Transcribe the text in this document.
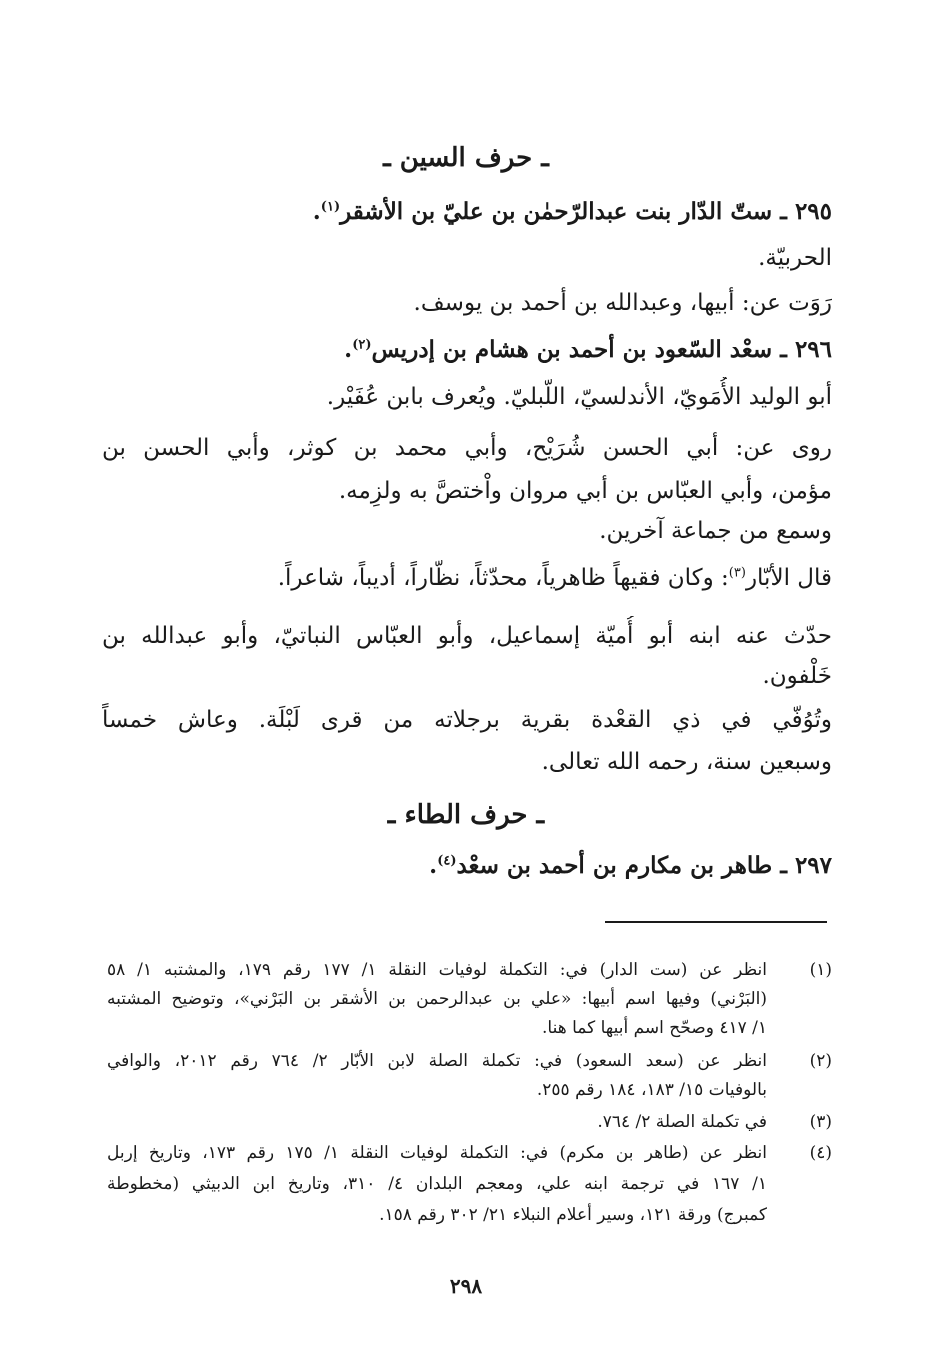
ـ حرف السين ـ
٢٩٥ ـ ستّ الدّار بنت عبدالرّحمٰن بن عليّ بن الأشقر$^{(١)}$.
الحربيّة.
رَوَت عن: أبيها، وعبدالله بن أحمد بن يوسف.
٢٩٦ ـ سعْد السّعود بن أحمد بن هشام بن إدريس$^{(٢)}$.
أبو الوليد الأُمَويّ، الأندلسيّ، اللّبليّ. ويُعرف بابن عُفَيْر.
روى عن: أبي الحسن شُرَيْح، وأبي محمد بن كوثر، وأبي الحسن بن
مؤمن، وأبي العبّاس بن أبي مروان واْختصَّ به ولزِمه.
وسمع من جماعة آخرين.
قال الأبّار$^{(٣)}$: وكان فقيهاً ظاهرياً، محدّثاً، نظّاراً، أديباً، شاعراً.
حدّث عنه ابنه أبو أُميّة إسماعيل، وأبو العبّاس النباتيّ، وأبو عبدالله بن
خَلْفون.
وتُوُفّي في ذي القعْدة بقرية برجلاته من قرى لَبْلَة. وعاش خمساً
وسبعين سنة، رحمه الله تعالى.
ـ حرف الطاء ـ
٢٩٧ ـ طاهر بن مكارم بن أحمد بن سعْد$^{(٤)}$.
(١)
انظر عن (ست الدار) في: التكملة لوفيات النقلة ١/ ١٧٧ رقم ١٧٩، والمشتبه ١/ ٥٨
(البَرْني) وفيها اسم أبيها: «علي بن عبدالرحمن بن الأشقر بن البَرْني»، وتوضيح المشتبه
١/ ٤١٧ وصحّح اسم أبيها كما هنا.
(٢)
انظر عن (سعد السعود) في: تكملة الصلة لابن الأبّار ٢/ ٧٦٤ رقم ٢٠١٢، والوافي
بالوفيات ١٥/ ١٨٣، ١٨٤ رقم ٢٥٥.
(٣)
في تكملة الصلة ٢/ ٧٦٤.
(٤)
انظر عن (طاهر بن مكرم) في: التكملة لوفيات النقلة ١/ ١٧٥ رقم ١٧٣، وتاريخ إربل
١/ ١٦٧ في ترجمة ابنه علي، ومعجم البلدان ٤/ ٣١٠، وتاريخ ابن الدبيثي (مخطوطة
كمبرج) ورقة ١٢١، وسير أعلام النبلاء ٢١/ ٣٠٢ رقم ١٥٨.
٢٩٨
